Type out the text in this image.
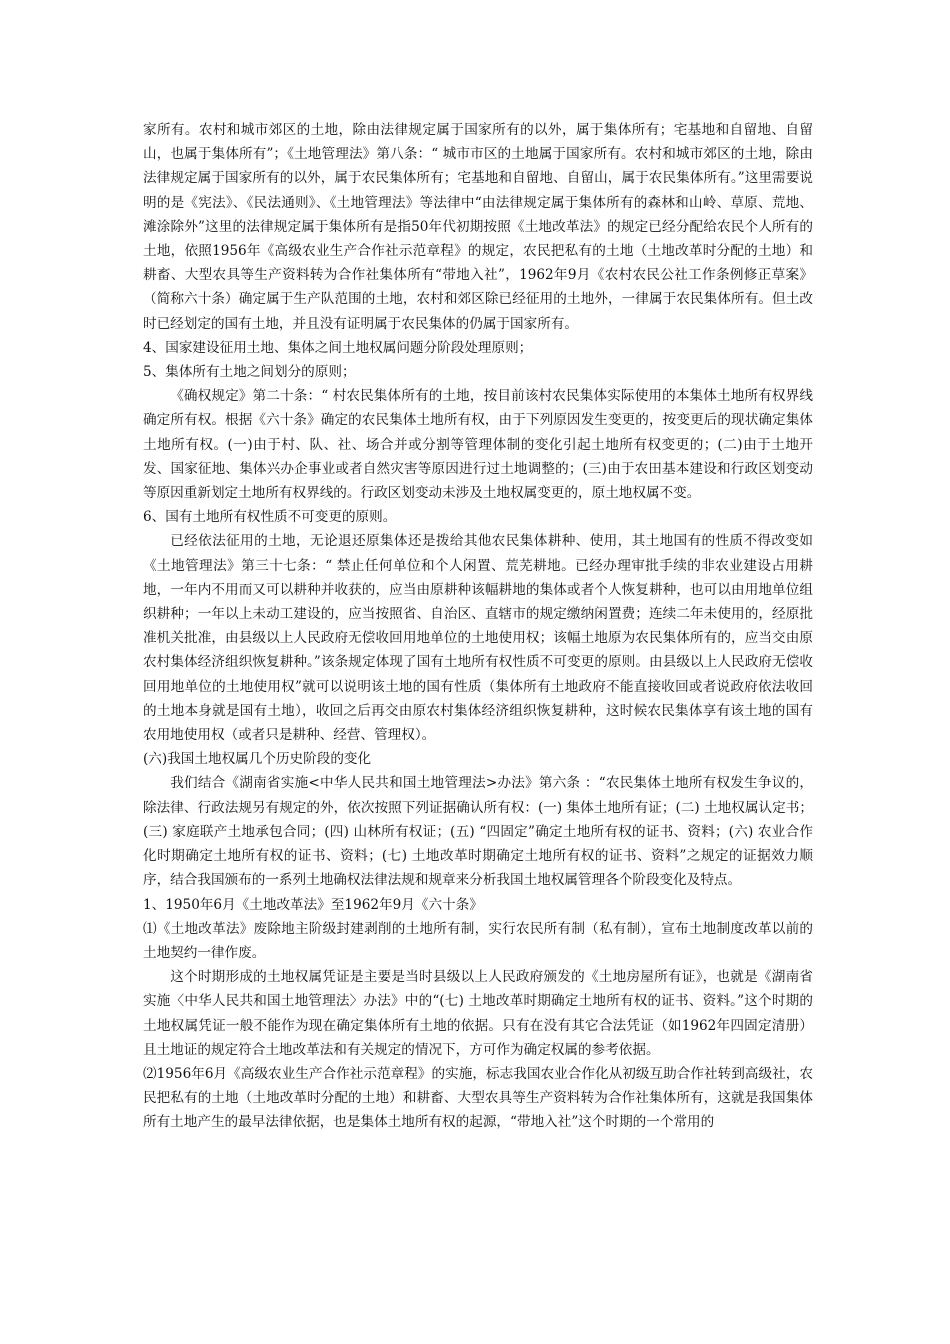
家所有。农村和城市郊区的土地，除由法律规定属于国家所有的以外，属于集体所有；宅基地和自留地、自留山，也属于集体所有”；《土地管理法》第八条：“ 城市市区的土地属于国家所有。农村和城市郊区的土地，除由法律规定属于国家所有的以外，属于农民集体所有；宅基地和自留地、自留山，属于农民集体所有。”这里需要说明的是《宪法》、《民法通则》、《土地管理法》等法律中“由法律规定属于集体所有的森林和山岭、草原、荒地、滩涂除外”这里的法律规定属于集体所有是指50年代初期按照《土地改革法》的规定已经分配给农民个人所有的土地，依照1956年《高级农业生产合作社示范章程》的规定，农民把私有的土地（土地改革时分配的土地）和耕畜、大型农具等生产资料转为合作社集体所有“带地入社”，1962年9月《农村农民公社工作条例修正草案》（简称六十条）确定属于生产队范围的土地，农村和郊区除已经征用的土地外，一律属于农民集体所有。但土改时已经划定的国有土地，并且没有证明属于农民集体的仍属于国家所有。

4、国家建设征用土地、集体之间土地权属问题分阶段处理原则；

5、集体所有土地之间划分的原则；

《确权规定》第二十条：“ 村农民集体所有的土地，按目前该村农民集体实际使用的本集体土地所有权界线确定所有权。根据《六十条》确定的农民集体土地所有权，由于下列原因发生变更的，按变更后的现状确定集体土地所有权。(一)由于村、队、社、场合并或分割等管理体制的变化引起土地所有权变更的；(二)由于土地开发、国家征地、集体兴办企事业或者自然灾害等原因进行过土地调整的；(三)由于农田基本建设和行政区划变动等原因重新划定土地所有权界线的。行政区划变动未涉及土地权属变更的，原土地权属不变。

6、国有土地所有权性质不可变更的原则。

已经依法征用的土地，无论退还原集体还是拨给其他农民集体耕种、使用，其土地国有的性质不得改变如《土地管理法》第三十七条：“ 禁止任何单位和个人闲置、荒芜耕地。已经办理审批手续的非农业建设占用耕地，一年内不用而又可以耕种并收获的，应当由原耕种该幅耕地的集体或者个人恢复耕种，也可以由用地单位组织耕种；一年以上未动工建设的，应当按照省、自治区、直辖市的规定缴纳闲置费；连续二年未使用的，经原批准机关批准，由县级以上人民政府无偿收回用地单位的土地使用权；该幅土地原为农民集体所有的，应当交由原农村集体经济组织恢复耕种。”该条规定体现了国有土地所有权性质不可变更的原则。由县级以上人民政府无偿收回用地单位的土地使用权”就可以说明该土地的国有性质（集体所有土地政府不能直接收回或者说政府依法收回的土地本身就是国有土地），收回之后再交由原农村集体经济组织恢复耕种，这时候农民集体享有该土地的国有农用地使用权（或者只是耕种、经营、管理权）。

(六)我国土地权属几个历史阶段的变化

我们结合《湖南省实施<中华人民共和国土地管理法>办法》第六条 ：“农民集体土地所有权发生争议的，除法律、行政法规另有规定的外，依次按照下列证据确认所有权：(一) 集体土地所有证；(二) 土地权属认定书；(三) 家庭联产土地承包合同；(四) 山林所有权证；(五) “四固定”确定土地所有权的证书、资料；(六) 农业合作化时期确定土地所有权的证书、资料；(七) 土地改革时期确定土地所有权的证书、资料”之规定的证据效力顺序，结合我国颁布的一系列土地确权法律法规和规章来分析我国土地权属管理各个阶段变化及特点。

1、1950年6月《土地改革法》至1962年9月《六十条》

⑴《土地改革法》废除地主阶级封建剥削的土地所有制，实行农民所有制（私有制），宣布土地制度改革以前的土地契约一律作废。

这个时期形成的土地权属凭证是主要是当时县级以上人民政府颁发的《土地房屋所有证》，也就是《湖南省实施〈中华人民共和国土地管理法〉办法》中的“(七) 土地改革时期确定土地所有权的证书、资料。”这个时期的土地权属凭证一般不能作为现在确定集体所有土地的依据。只有在没有其它合法凭证（如1962年四固定清册）且土地证的规定符合土地改革法和有关规定的情况下，方可作为确定权属的参考依据。

⑵1956年6月《高级农业生产合作社示范章程》的实施，标志我国农业合作化从初级互助合作社转到高级社，农民把私有的土地（土地改革时分配的土地）和耕畜、大型农具等生产资料转为合作社集体所有，这就是我国集体所有土地产生的最早法律依据，也是集体土地所有权的起源，“带地入社”这个时期的一个常用的
